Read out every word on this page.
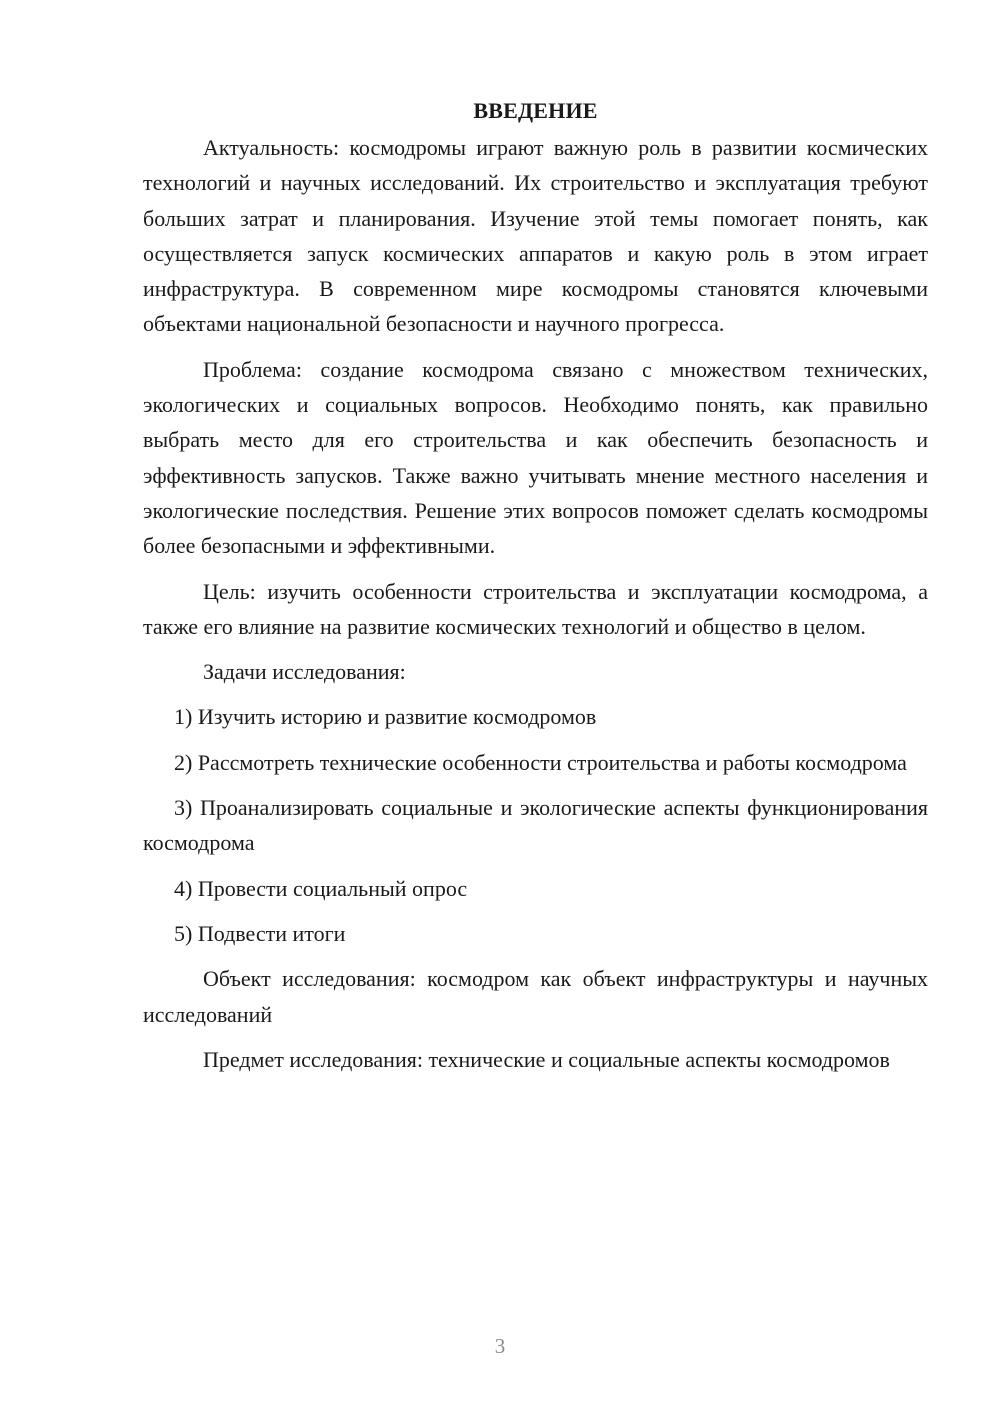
ВВЕДЕНИЕ

Актуальность: космодромы играют важную роль в развитии космических технологий и научных исследований. Их строительство и эксплуатация требуют больших затрат и планирования. Изучение этой темы помогает понять, как осуществляется запуск космических аппаратов и какую роль в этом играет инфраструктура. В современном мире космодромы становятся ключевыми объектами национальной безопасности и научного прогресса.

Проблема: создание космодрома связано с множеством технических, экологических и социальных вопросов. Необходимо понять, как правильно выбрать место для его строительства и как обеспечить безопасность и эффективность запусков. Также важно учитывать мнение местного населения и экологические последствия. Решение этих вопросов поможет сделать космодромы более безопасными и эффективными.

Цель: изучить особенности строительства и эксплуатации космодрома, а также его влияние на развитие космических технологий и общество в целом.

Задачи исследования:

1) Изучить историю и развитие космодромов

2) Рассмотреть технические особенности строительства и работы космодрома

3) Проанализировать социальные и экологические аспекты функционирования космодрома

4) Провести социальный опрос

5) Подвести итоги

Объект исследования: космодром как объект инфраструктуры и научных исследований

Предмет исследования: технические и социальные аспекты космодромов

3
